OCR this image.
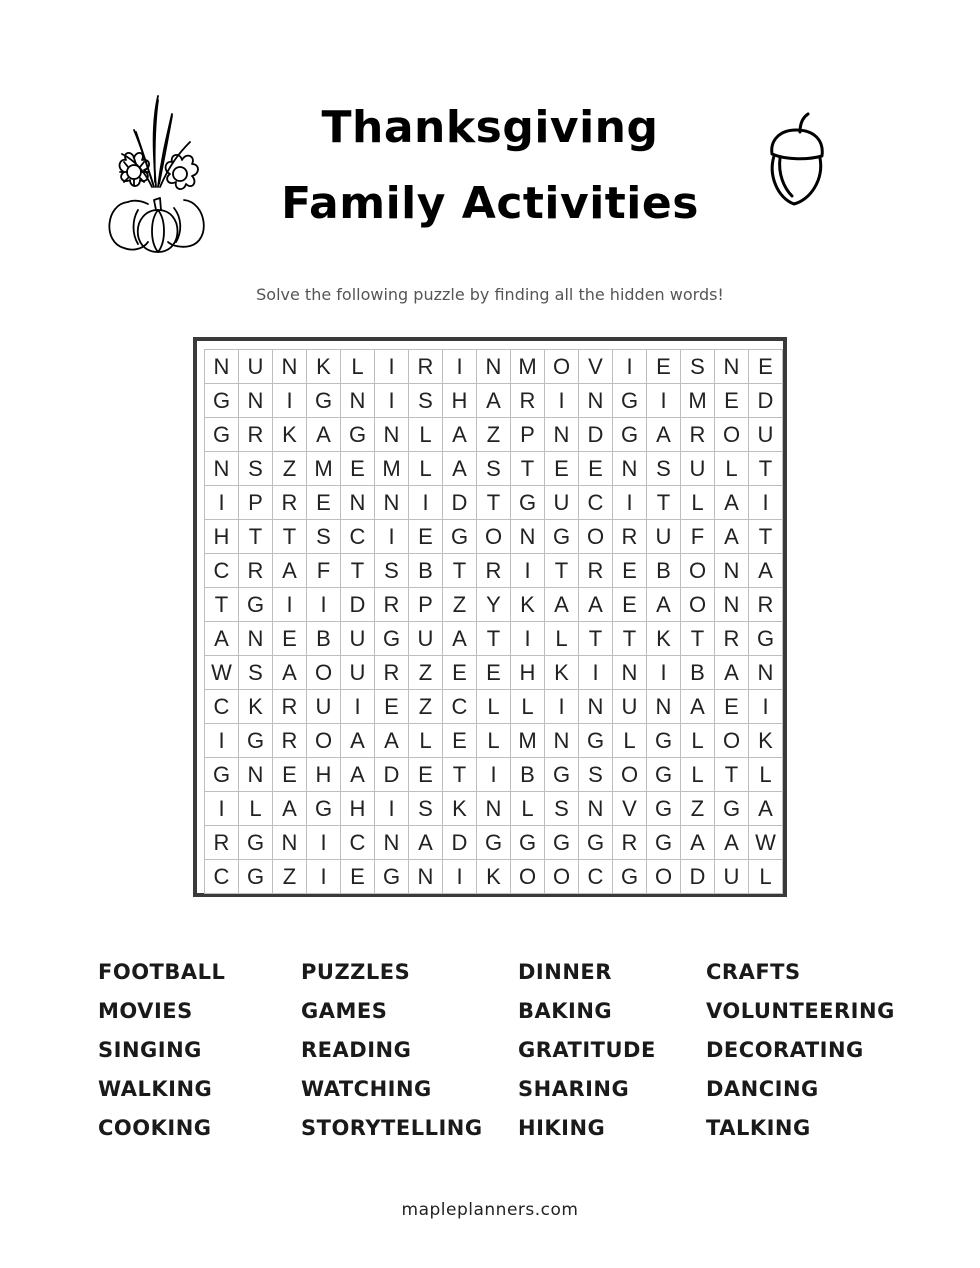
Thanksgiving
Family Activities
Solve the following puzzle by finding all the hidden words!
N U N K L	I	R	I	N M O V	I	E S N E
G N	I	G N	I	S H A R	I	N G	I M E D
G R K A G N L A Z P N D G A R O U
N S Z M E M L A S T E E N S U L T
I	P R E N N	I	D T G U C	I	T L A	I
H T T S C	I	E G O N G O R U F A T
C R A F T S B T R	I	T R E B O N A
T G	I	I	D R P Z Y K A A E A O N R
A N E B U G U A T	I	L T T K T R G
W S A O U R Z E E H K	I	N	I	B A N
C K R U	I	E Z C L L	I	N U N A E	I
I	G R O A A L E L M N G L G L O K
G N E H A D E T	I	B G S O G L T L
I	L A G H	I	S K N L S N V G Z G A
R G N	I	C N A D G G G G R G A A W
C G Z	I	E G N	I	K O O C G O D U L
FOOTBALL
MOVIES
SINGING
WALKING
COOKING
PUZZLES
GAMES
READING
WATCHING
STORYTELLING
DINNER
BAKING
GRATITUDE
SHARING
HIKING
CRAFTS
VOLUNTEERING
DECORATING
DANCING
TALKING
mapleplanners.com
